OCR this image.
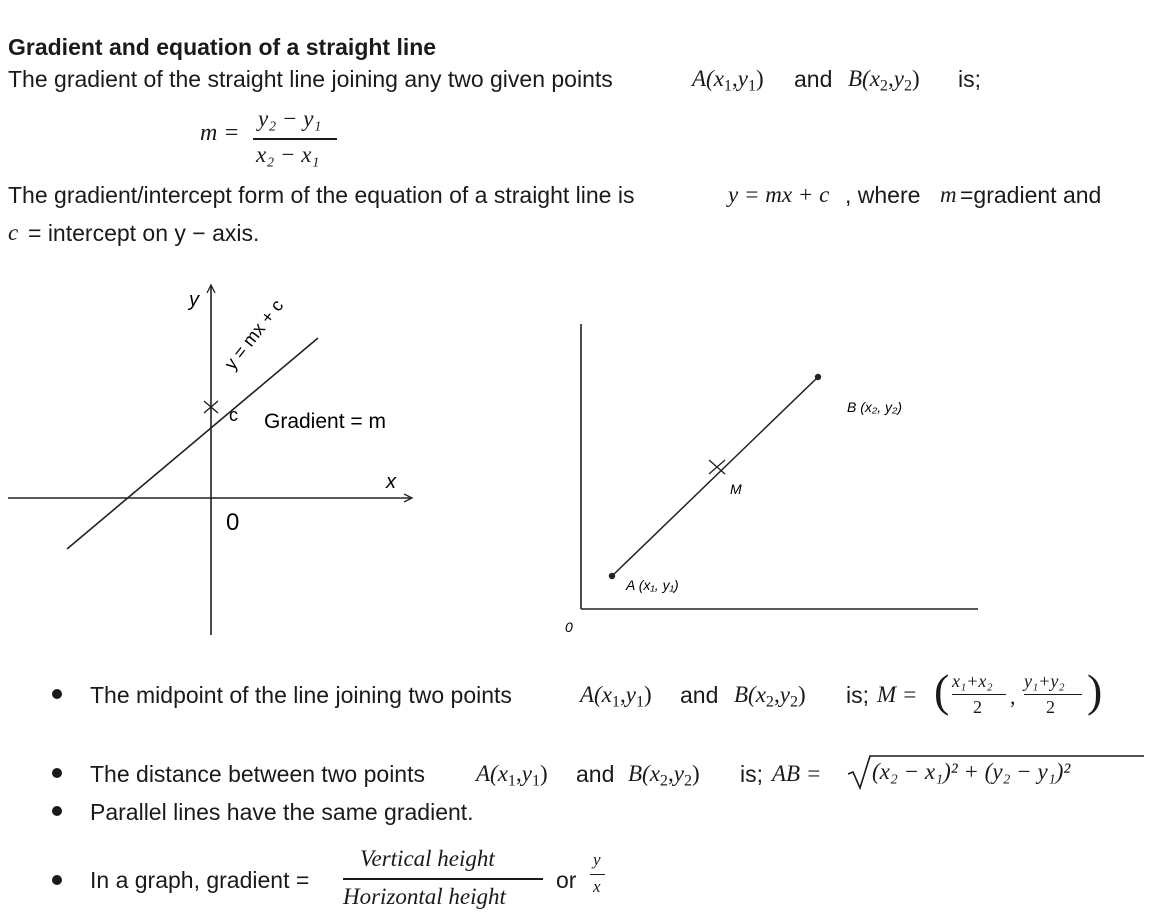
Gradient and equation of a straight line
The gradient of the straight line joining any two given points	$A(x_1,y_1)$ and $B(x_2,y_2)$ is;
m =
y₂ − y₁
x₂ − x₁
The gradient/intercept form of the equation of a straight line is	y = mx + c , where m =gradient and
c = intercept on y − axis.
y
x
y = mx + c
c Gradient = m
0
A (x₁, y₁)
B (x₂, y₂)
M
0
The midpoint of the line joining two points	$A(x_1,y_1)$ and $B(x_2,y_2)$ is; M = ( x₁+x₂
2 ,
y₁+y₂
2 )
The distance between two points $A(x_1,y_1)$ and $B(x_2,y_2)$ is; AB = (x₂ − x₁)² + (y₂ − y₁)²
Parallel lines have the same gradient.
In a graph, gradient =
Vertical height
Horizontal height
or
y
x
